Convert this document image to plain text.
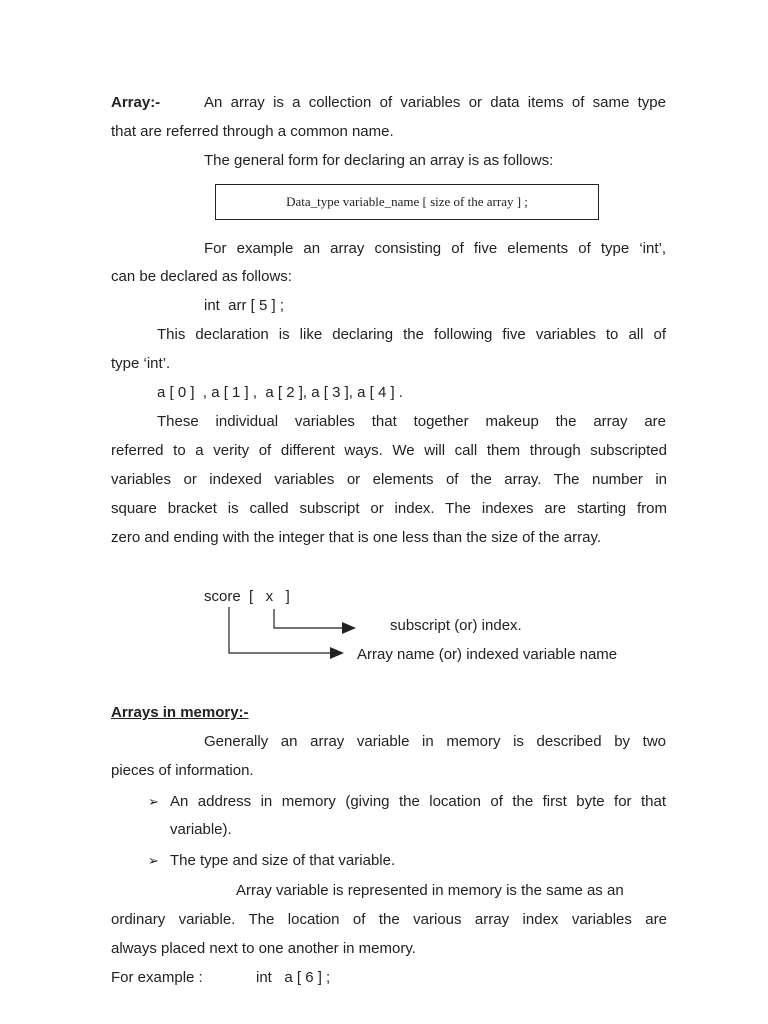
Array:-	An array is a collection of variables or data items of same type
that are referred through a common name.
The general form for declaring an array is as follows:
Data_type variable_name [ size of the array ] ;
For example an array consisting of five elements of type ‘int’,
can be declared as follows:
int  arr [ 5 ] ;
This declaration is like declaring the following five variables to all of
type ‘int’.
a [ 0 ]  , a [ 1 ] ,  a [ 2 ], a [ 3 ], a [ 4 ] .
These individual variables that together makeup the array are
referred to a verity of different ways. We will call them through subscripted
variables or indexed variables or elements of the array. The number in
square bracket is called subscript or index. The indexes are starting from
zero and ending with the integer that is one less than the size of the array.
score  [   x   ]
subscript (or) index.
Array name (or) indexed variable name
Arrays in memory:-
Generally an array variable in memory is described by two
pieces of information.
➢ An address in memory (giving the location of the first byte for that
variable).
➢ The type and size of that variable.
Array variable is represented in memory is the same as an
ordinary variable. The location of the various array index variables are
always placed next to one another in memory.
For example :	int   a [ 6 ] ;
